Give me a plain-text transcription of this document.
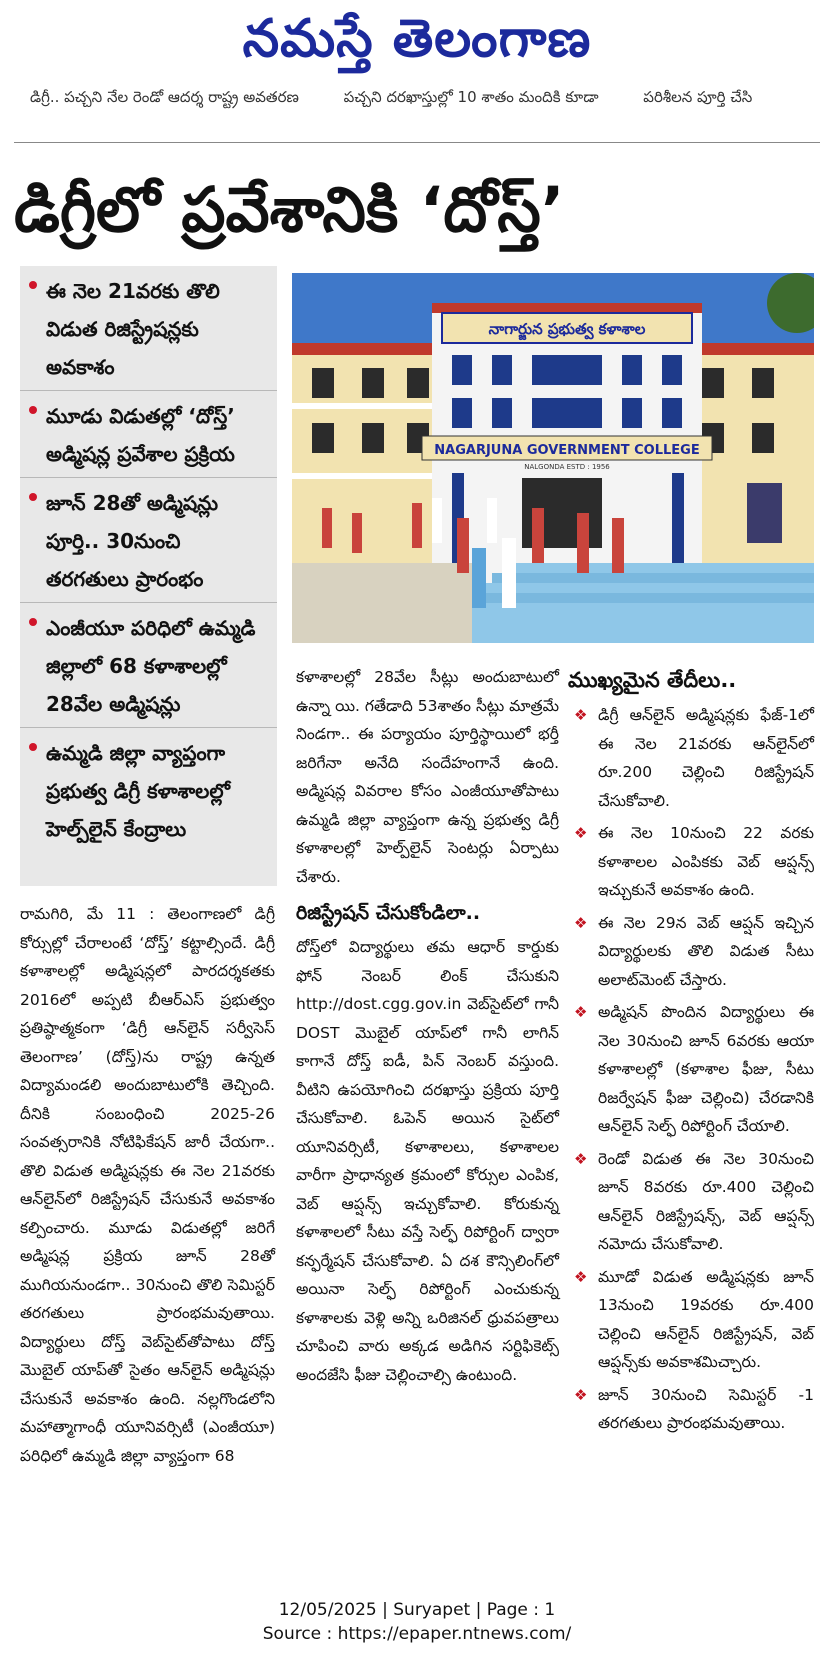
నమస్తే తెలంగాణ
డిగ్రీ.. పచ్చని నేల రెండో ఆదర్శ రాష్ట్ర అవతరణ	పచ్చని దరఖాస్తుల్లో 10 శాతం మందికి కూడా	పరిశీలన పూర్తి చేసి
డిగ్రీలో ప్రవేశానికి ‘దోస్త్’
ఈ నెల 21వరకు తొలి విడుత రిజిస్ట్రేషన్లకు అవకాశం
మూడు విడుతల్లో ‘దోస్త్’ అడ్మిషన్ల ప్రవేశాల ప్రక్రియ
జూన్ 28తో అడ్మిషన్లు పూర్తి.. 30నుంచి తరగతులు ప్రారంభం
ఎంజీయూ పరిధిలో ఉమ్మడి జిల్లాలో 68 కళాశాలల్లో 28వేల అడ్మిషన్లు
ఉమ్మడి జిల్లా వ్యాప్తంగా ప్రభుత్వ డిగ్రీ కళాశాలల్లో హెల్ప్‌లైన్ కేంద్రాలు
నాగార్జున ప్రభుత్వ కళాశాల
NAGARJUNA GOVERNMENT COLLEGE
NALGONDA ESTD : 1956

రామగిరి, మే 11 : తెలంగాణలో డిగ్రీ కోర్సుల్లో చేరాలంటే ‘దోస్త్’ కట్టాల్సిందే. డిగ్రీ కళాశాలల్లో అడ్మిషన్లలో పారదర్శకతకు 2016లో అప్పటి బీఆర్‌ఎస్ ప్రభుత్వం ప్రతిష్ఠాత్మకంగా ‘డిగ్రీ ఆన్‌లైన్ సర్వీసెస్ తెలంగాణ’ (దోస్త్)ను రాష్ట్ర ఉన్నత విద్యామండలి అందుబాటులోకి తెచ్చింది. దీనికి సంబంధించి 2025-26 సంవత్సరానికి నోటిఫికేషన్ జారీ చేయగా.. తొలి విడుత అడ్మిషన్లకు ఈ నెల 21వరకు ఆన్‌లైన్‌లో రిజిస్ట్రేషన్ చేసుకునే అవకాశం కల్పించారు. మూడు విడుతల్లో జరిగే అడ్మిషన్ల ప్రక్రియ జూన్ 28తో ముగియనుండగా.. 30నుంచి తొలి సెమిస్టర్ తరగతులు ప్రారంభమవుతాయి. విద్యార్థులు దోస్త్ వెబ్‌సైట్‌తోపాటు దోస్త్ మొబైల్ యాప్‌తో సైతం ఆన్‌లైన్ అడ్మిషన్లు చేసుకునే అవకాశం ఉంది. నల్లగొండలోని మహాత్మాగాంధీ యూనివర్సిటీ (ఎంజీయూ) పరిధిలో ఉమ్మడి జిల్లా వ్యాప్తంగా 68

కళాశాలల్లో 28వేల సీట్లు అందుబాటులో ఉన్నా యి. గతేడాది 53శాతం సీట్లు మాత్రమే నిండగా.. ఈ పర్యాయం పూర్తిస్థాయిలో భర్తీ జరిగేనా అనేది సందేహంగానే ఉంది. అడ్మిషన్ల వివరాల కోసం ఎంజీయూతోపాటు ఉమ్మడి జిల్లా వ్యాప్తంగా ఉన్న ప్రభుత్వ డిగ్రీ కళాశాలల్లో హెల్ప్‌లైన్ సెంటర్లు ఏర్పాటు చేశారు.

రిజిస్ట్రేషన్ చేసుకోండిలా..

దోస్త్‌లో విద్యార్థులు తమ ఆధార్ కార్డుకు ఫోన్ నెంబర్ లింక్ చేసుకుని http://dost.cgg.gov.in వెబ్‌సైట్‌లో గానీ DOST మొబైల్ యాప్‌లో గానీ లాగిన్ కాగానే దోస్త్ ఐడీ, పిన్ నెంబర్ వస్తుంది. వీటిని ఉపయోగించి దరఖాస్తు ప్రక్రియ పూర్తి చేసుకోవాలి. ఓపెన్ అయిన సైట్‌లో యూనివర్సిటీ, కళాశాలలు, కళాశాలల వారీగా ప్రాధాన్యత క్రమంలో కోర్సుల ఎంపిక, వెబ్ ఆప్షన్స్ ఇచ్చుకోవాలి. కోరుకున్న కళాశాలలో సీటు వస్తే సెల్ఫ్ రిపోర్టింగ్ ద్వారా కన్ఫర్మేషన్ చేసుకోవాలి. ఏ దశ కౌన్సిలింగ్‌లో అయినా సెల్ఫ్ రిపోర్టింగ్ ఎంచుకున్న కళాశాలకు వెళ్లి అన్ని ఒరిజినల్ ధ్రువపత్రాలు చూపించి వారు అక్కడ అడిగిన సర్టిఫికెట్స్ అందజేసి ఫీజు చెల్లించాల్సి ఉంటుంది.

ముఖ్యమైన తేదీలు..
❖ డిగ్రీ ఆన్‌లైన్ అడ్మిషన్లకు ఫేజ్-1లో ఈ నెల 21వరకు ఆన్‌లైన్‌లో రూ.200 చెల్లించి రిజిస్ట్రేషన్ చేసుకోవాలి.
❖ ఈ నెల 10నుంచి 22 వరకు కళాశాలల ఎంపికకు వెబ్ ఆప్షన్స్ ఇచ్చుకునే అవకాశం ఉంది.
❖ ఈ నెల 29న వెబ్ ఆప్షన్ ఇచ్చిన విద్యార్థులకు తొలి విడుత సీటు అలాట్‌మెంట్ చేస్తారు.
❖ అడ్మిషన్ పొందిన విద్యార్థులు ఈ నెల 30నుంచి జూన్ 6వరకు ఆయా కళాశాలల్లో (కళాశాల ఫీజు, సీటు రిజర్వేషన్ ఫీజు చెల్లించి) చేరడానికి ఆన్‌లైన్ సెల్ఫ్ రిపోర్టింగ్ చేయాలి.
❖ రెండో విడుత ఈ నెల 30నుంచి జూన్ 8వరకు రూ.400 చెల్లించి ఆన్‌లైన్ రిజిస్ట్రేషన్స్, వెబ్ ఆప్షన్స్ నమోదు చేసుకోవాలి.
❖ మూడో విడుత అడ్మిషన్లకు జూన్ 13నుంచి 19వరకు రూ.400 చెల్లించి ఆన్‌లైన్ రిజిస్ట్రేషన్, వెబ్ ఆప్షన్స్‌కు అవకాశమిచ్చారు.
❖ జూన్ 30నుంచి సెమిస్టర్ -1 తరగతులు ప్రారంభమవుతాయి.
12/05/2025 | Suryapet | Page : 1
Source : https://epaper.ntnews.com/
